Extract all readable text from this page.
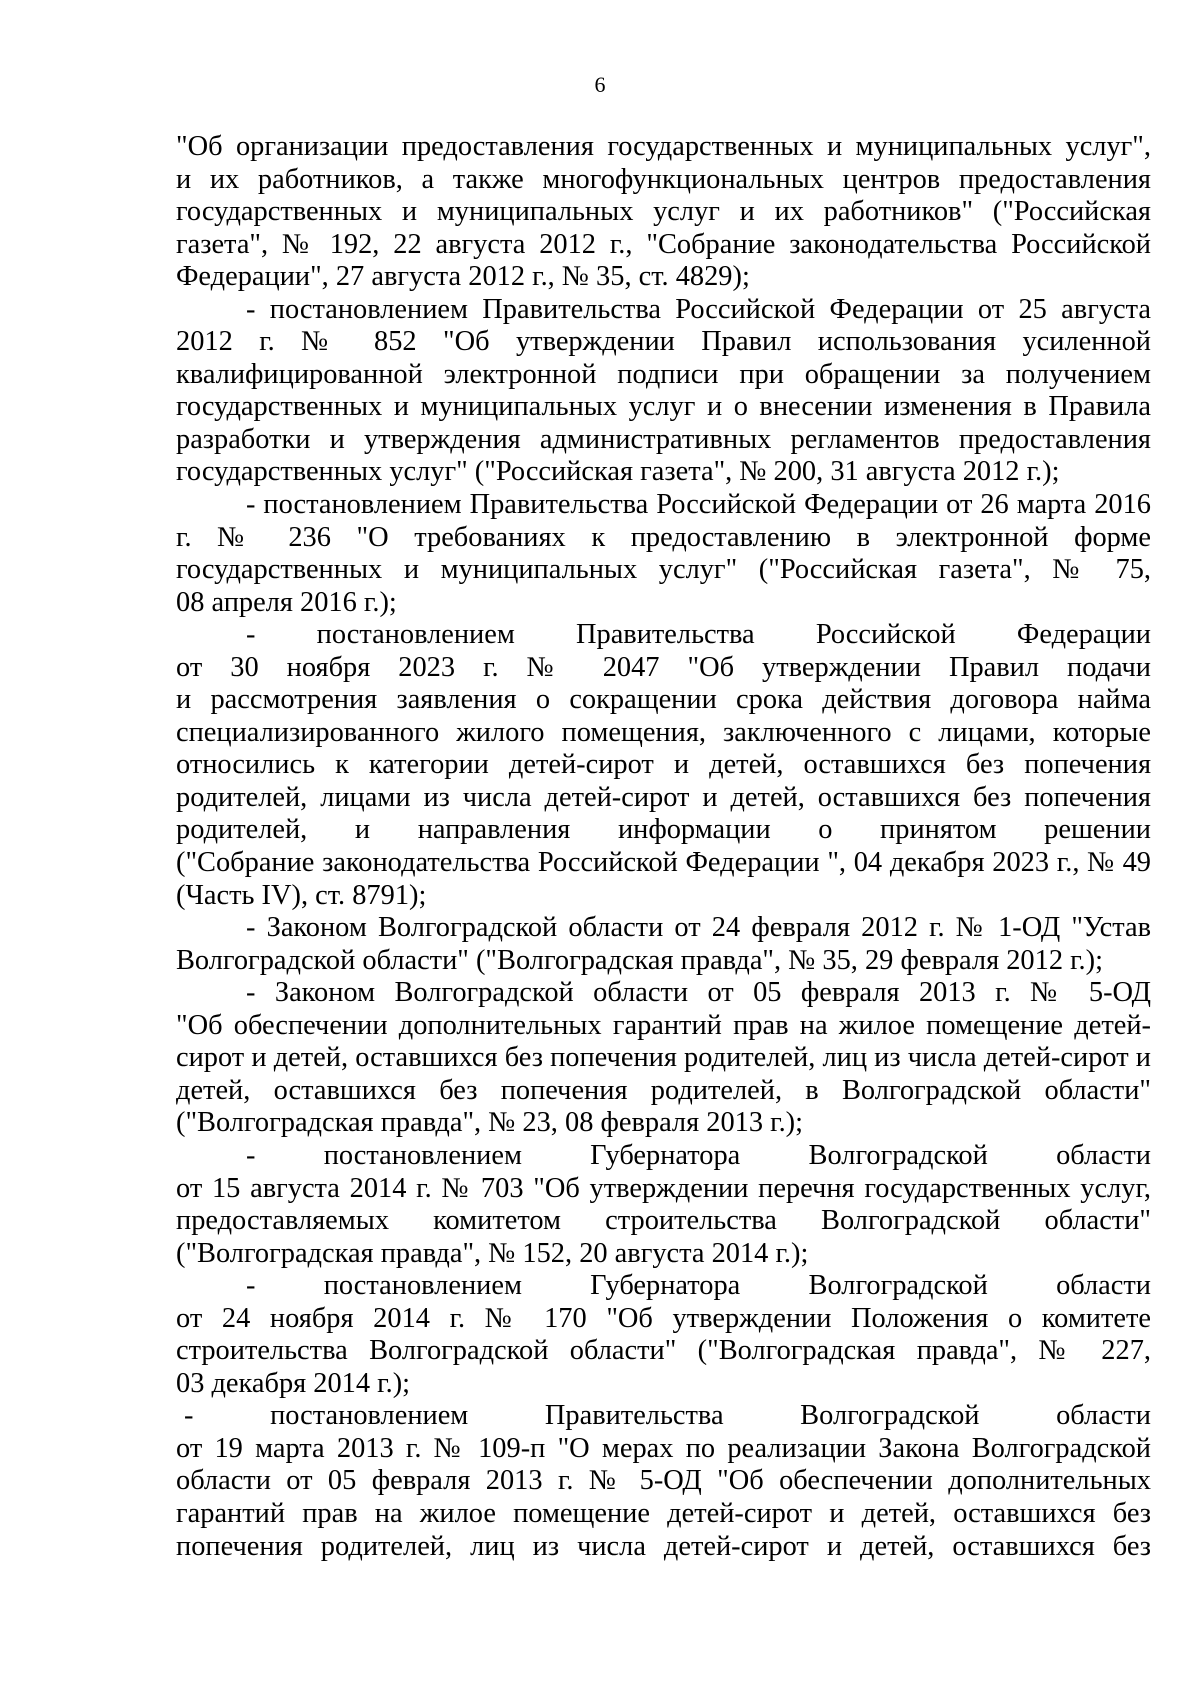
6
"Об организации предоставления государственных и муниципальных услуг",
и их работников, а также многофункциональных центров предоставления
государственных и муниципальных услуг и их работников" ("Российская
газета", № 192, 22 августа 2012 г., "Собрание законодательства Российской
Федерации", 27 августа 2012 г., № 35, ст. 4829);
- постановлением Правительства Российской Федерации от 25 августа
2012 г. № 852 "Об утверждении Правил использования усиленной
квалифицированной электронной подписи при обращении за получением
государственных и муниципальных услуг и о внесении изменения в Правила
разработки и утверждения административных регламентов предоставления
государственных услуг" ("Российская газета", № 200, 31 августа 2012 г.);
- постановлением Правительства Российской Федерации от 26 марта 2016
г. № 236 "О требованиях к предоставлению в электронной форме
государственных и муниципальных услуг" ("Российская газета", № 75,
08 апреля 2016 г.);
- постановлением Правительства Российской Федерации
от 30 ноября 2023 г. № 2047 "Об утверждении Правил подачи
и рассмотрения заявления о сокращении срока действия договора найма
специализированного жилого помещения, заключенного с лицами, которые
относились к категории детей-сирот и детей, оставшихся без попечения
родителей, лицами из числа детей-сирот и детей, оставшихся без попечения
родителей, и направления информации о принятом решении
("Собрание законодательства Российской Федерации ", 04 декабря 2023 г., № 49
(Часть IV), ст. 8791);
- Законом Волгоградской области от 24 февраля 2012 г. № 1-ОД "Устав
Волгоградской области" ("Волгоградская правда", № 35, 29 февраля 2012 г.);
- Законом Волгоградской области от 05 февраля 2013 г. № 5-ОД
"Об обеспечении дополнительных гарантий прав на жилое помещение детей-
сирот и детей, оставшихся без попечения родителей, лиц из числа детей-сирот и
детей, оставшихся без попечения родителей, в Волгоградской области"
("Волгоградская правда", № 23, 08 февраля 2013 г.);
- постановлением Губернатора Волгоградской области
от 15 августа 2014 г. № 703 "Об утверждении перечня государственных услуг,
предоставляемых комитетом строительства Волгоградской области"
("Волгоградская правда", № 152, 20 августа 2014 г.);
- постановлением Губернатора Волгоградской области
от 24 ноября 2014 г. № 170 "Об утверждении Положения о комитете
строительства Волгоградской области" ("Волгоградская правда", № 227,
03 декабря 2014 г.);
- постановлением Правительства Волгоградской области
от 19 марта 2013 г. № 109-п "О мерах по реализации Закона Волгоградской
области от 05 февраля 2013 г. № 5-ОД "Об обеспечении дополнительных
гарантий прав на жилое помещение детей-сирот и детей, оставшихся без
попечения родителей, лиц из числа детей-сирот и детей, оставшихся без
